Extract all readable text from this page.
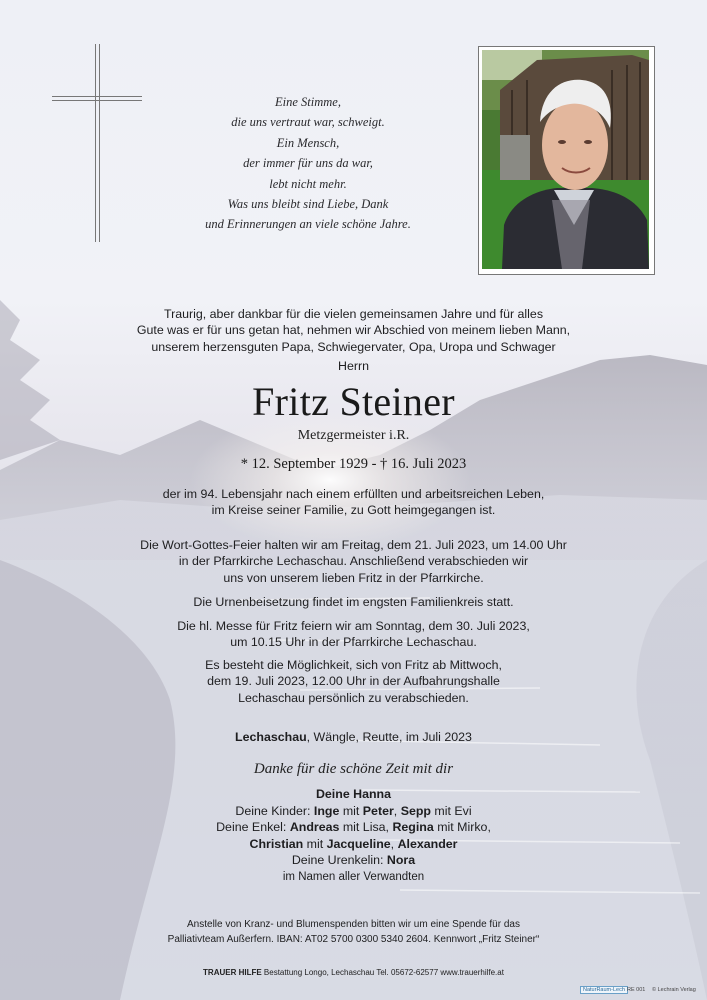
Eine Stimme,
die uns vertraut war, schweigt.
Ein Mensch,
der immer für uns da war,
lebt nicht mehr.
Was uns bleibt sind Liebe, Dank
und Erinnerungen an viele schöne Jahre.
Traurig, aber dankbar für die vielen gemeinsamen Jahre und für alles
Gute was er für uns getan hat, nehmen wir Abschied von meinem lieben Mann,
unserem herzensguten Papa, Schwiegervater, Opa, Uropa und Schwager
Herrn
Fritz Steiner
Metzgermeister i.R.
* 12. September 1929 - † 16. Juli 2023
der im 94. Lebensjahr nach einem erfüllten und arbeitsreichen Leben,
im Kreise seiner Familie, zu Gott heimgegangen ist.
Die Wort-Gottes-Feier halten wir am Freitag, dem 21. Juli 2023, um 14.00 Uhr
in der Pfarrkirche Lechaschau. Anschließend verabschieden wir
uns von unserem lieben Fritz in der Pfarrkirche.
Die Urnenbeisetzung findet im engsten Familienkreis statt.
Die hl. Messe für Fritz feiern wir am Sonntag, dem 30. Juli 2023,
um 10.15 Uhr in der Pfarrkirche Lechaschau.
Es besteht die Möglichkeit, sich von Fritz ab Mittwoch,
dem 19. Juli 2023, 12.00 Uhr in der Aufbahrungshalle
Lechaschau persönlich zu verabschieden.
Lechaschau, Wängle, Reutte, im Juli 2023
Danke für die schöne Zeit mit dir
Deine Hanna
Deine Kinder: Inge mit Peter, Sepp mit Evi
Deine Enkel: Andreas mit Lisa, Regina mit Mirko,
Christian mit Jacqueline, Alexander
Deine Urenkelin: Nora
im Namen aller Verwandten
Anstelle von Kranz- und Blumenspenden bitten wir um eine Spende für das
Palliativteam Außerfern. IBAN: AT02 5700 0300 5340 2604. Kennwort „Fritz Steiner“
TRAUER HILFE Bestattung Longo, Lechaschau Tel. 05672-62577 www.trauerhilfe.at
NaturRaum-Lech RE 001 © Lechrain Verlag
